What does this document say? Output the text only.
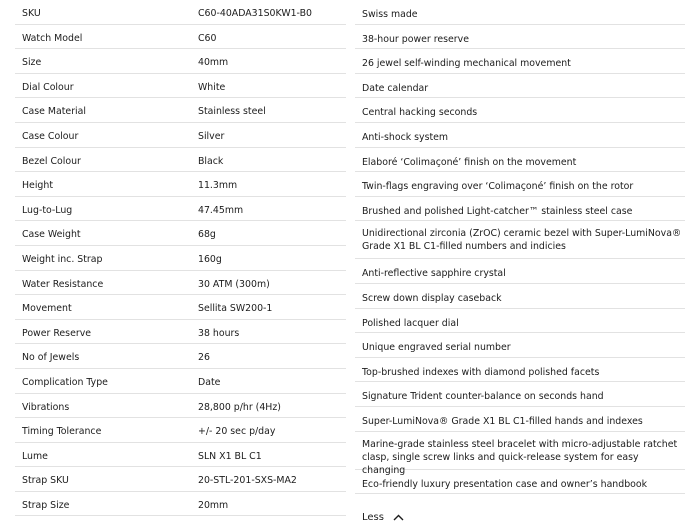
SKU	C60-40ADA31S0KW1-B0
Watch Model	C60
Size	40mm
Dial Colour	White
Case Material	Stainless steel
Case Colour	Silver
Bezel Colour	Black
Height	11.3mm
Lug-to-Lug	47.45mm
Case Weight	68g
Weight inc. Strap	160g
Water Resistance	30 ATM (300m)
Movement	Sellita SW200-1
Power Reserve	38 hours
No of Jewels	26
Complication Type	Date
Vibrations	28,800 p/hr (4Hz)
Timing Tolerance	+/- 20 sec p/day
Lume	SLN X1 BL C1
Strap SKU	20-STL-201-SXS-MA2
Strap Size	20mm
Swiss made
38-hour power reserve
26 jewel self-winding mechanical movement
Date calendar
Central hacking seconds
Anti-shock system
Elaboré ‘Colimaçoné’ finish on the movement
Twin-flags engraving over ‘Colimaçoné’ finish on the rotor
Brushed and polished Light-catcher™ stainless steel case
Unidirectional zirconia (ZrOC) ceramic bezel with Super-LumiNova® Grade X1 BL C1-filled numbers and indicies
Anti-reflective sapphire crystal
Screw down display caseback
Polished lacquer dial
Unique engraved serial number
Top-brushed indexes with diamond polished facets
Signature Trident counter-balance on seconds hand
Super-LumiNova® Grade X1 BL C1-filled hands and indexes
Marine-grade stainless steel bracelet with micro-adjustable ratchet clasp, single screw links and quick-release system for easy changing
Eco-friendly luxury presentation case and owner’s handbook
Less
